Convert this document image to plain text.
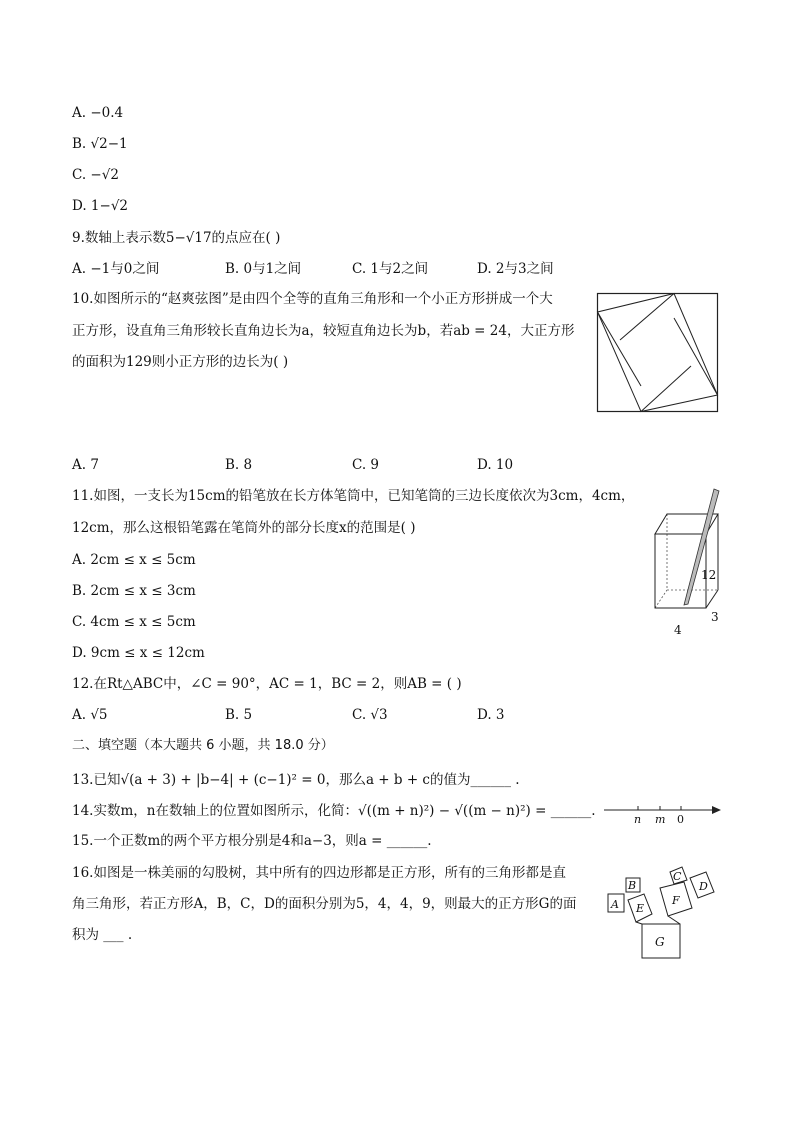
A. −0.4
B. √2−1
C. −√2
D. 1−√2
9.数轴上表示数5−√17的点应在( )
A. −1与0之间	B. 0与1之间	C. 1与2之间	D. 2与3之间
10.如图所示的“赵爽弦图”是由四个全等的直角三角形和一个小正方形拼成一个大
正方形，设直角三角形较长直角边长为a，较短直角边长为b，若ab = 24，大正方形
的面积为129则小正方形的边长为( )
A. 7	B. 8	C. 9	D. 10
11.如图，一支长为15cm的铅笔放在长方体笔筒中，已知笔筒的三边长度依次为3cm，4cm，
12cm，那么这根铅笔露在笔筒外的部分长度x的范围是( )
A. 2cm ≤ x ≤ 5cm
B. 2cm ≤ x ≤ 3cm
C. 4cm ≤ x ≤ 5cm
D. 9cm ≤ x ≤ 12cm
12
4
3
12.在Rt△ABC中，∠C = 90°，AC = 1，BC = 2，则AB = ( )
A. √5	B. 5	C. √3	D. 3
二、填空题（本大题共 6 小题，共 18.0 分）
13.已知√(a + 3) + |b−4| + (c−1)² = 0，那么a + b + c的值为______ .
14.实数m，n在数轴上的位置如图所示，化简：√((m + n)²) − √((m − n)²) = ______.
n m 0
15.一个正数m的两个平方根分别是4和a−3，则a = ______.
16.如图是一株美丽的勾股树，其中所有的四边形都是正方形，所有的三角形都是直
角三角形，若正方形A，B，C，D的面积分别为5，4，4，9，则最大的正方形G的面
积为 ___ .
A
B
C
D
E
F
G
